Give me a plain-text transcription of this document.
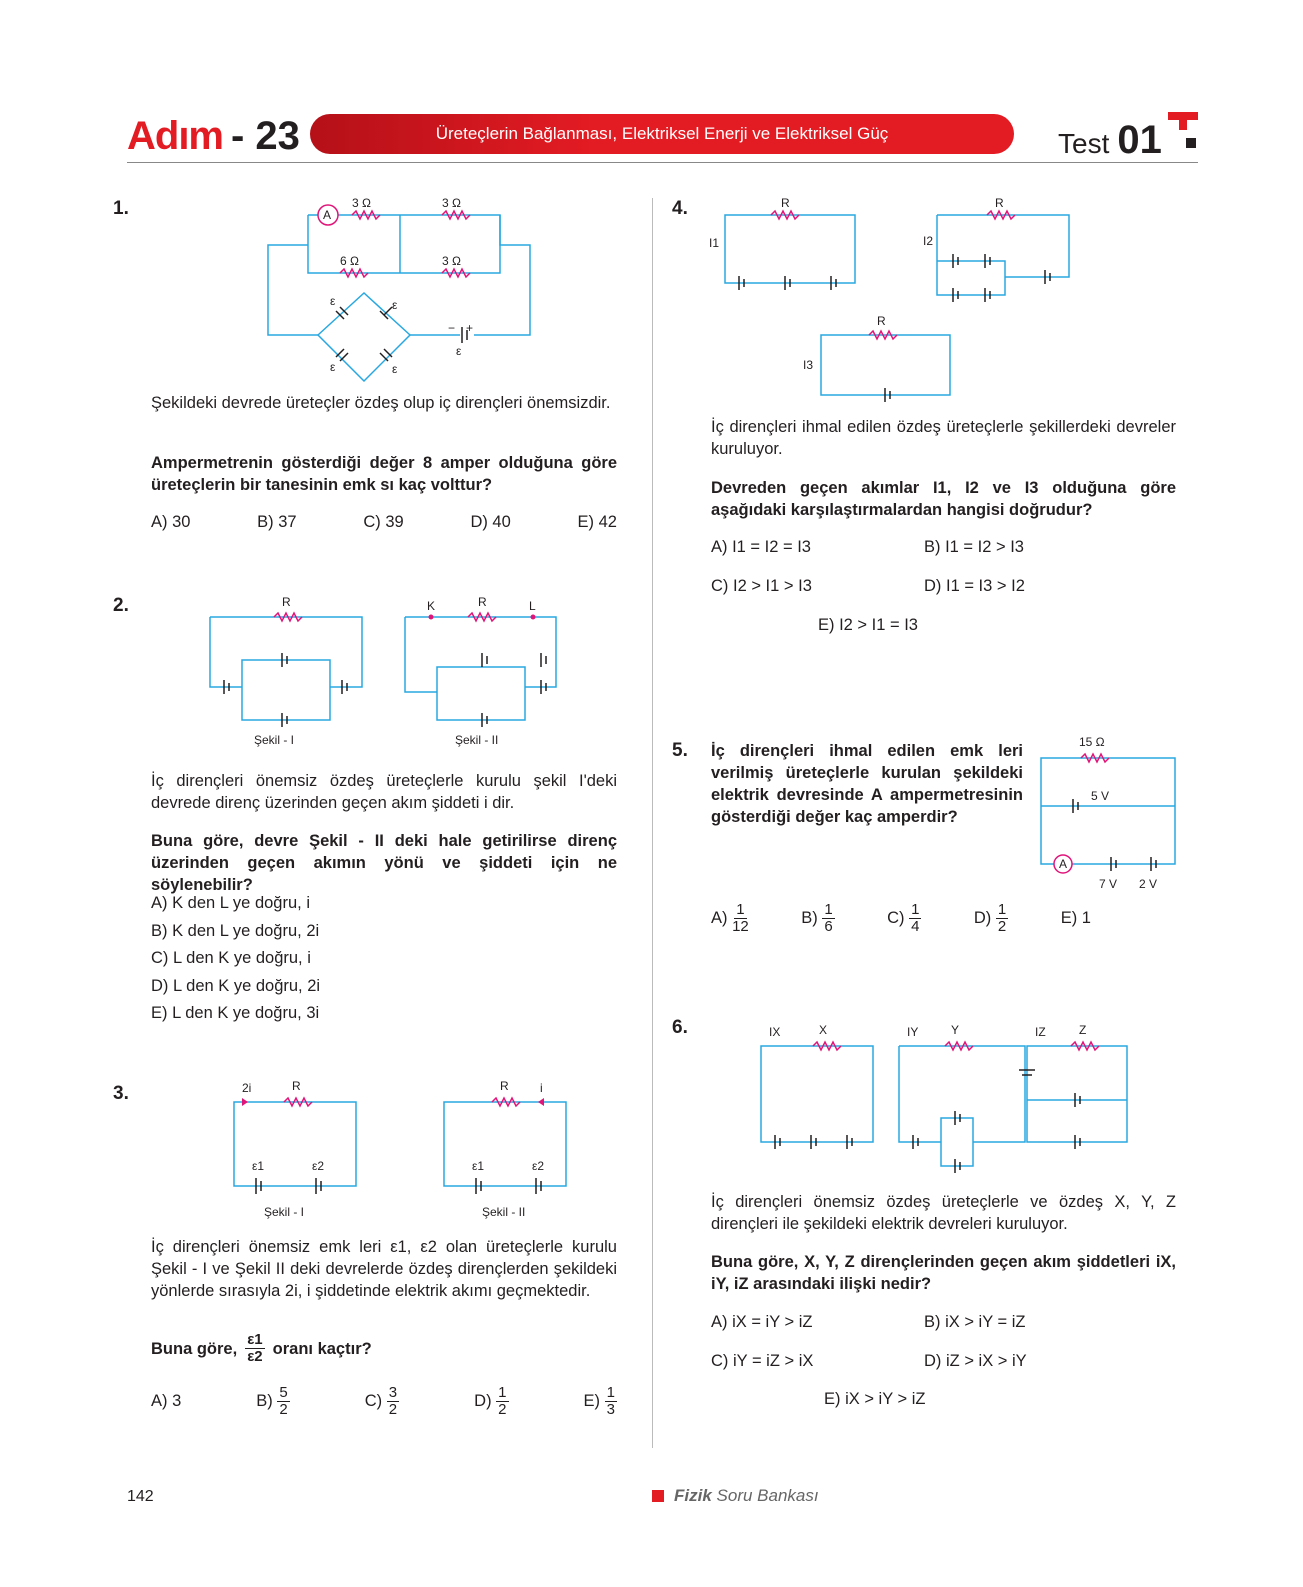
Adım - 23	Üreteçlerin Bağlanması, Elektriksel Enerji ve Elektriksel Güç	Test 01
1.	A
3 Ω	3 Ω
6 Ω	3 Ω
ε	ε
ε	ε
ε
− +
Şekildeki devrede üreteçler özdeş olup iç dirençleri önemsizdir.
Ampermetrenin gösterdiği değer 8 amper olduğuna göre üreteçlerin bir tanesinin emk sı kaç volttur?
A) 30	B) 37	C) 39	D) 40	E) 42
2.	R
Şekil - I
K	R	L
Şekil - II
İç dirençleri önemsiz özdeş üreteçlerle kurulu şekil I'deki devrede direnç üzerinden geçen akım şiddeti i dir.
Buna göre, devre Şekil - II deki hale getirilirse direnç üzerinden geçen akımın yönü ve şiddeti için ne söylenebilir?
A) K den L ye doğru, i
B) K den L ye doğru, 2i
C) L den K ye doğru, i
D) L den K ye doğru, 2i
E) L den K ye doğru, 3i
3.	2i	R
ε1	ε2
Şekil - I
R	i
ε1	ε2
Şekil - II
İç dirençleri önemsiz emk leri ε1, ε2 olan üreteçlerle kurulu Şekil - I ve Şekil II deki devrelerde özdeş dirençlerden şekildeki yönlerde sırasıyla 2i, i şiddetinde elektrik akımı geçmektedir.
Buna göre, $\frac{\varepsilon 1}{\varepsilon 2}$ oranı kaçtır?
A) 3	$B) \frac{5}{2}$	$C) \frac{3}{2}$	$D) \frac{1}{2}$	$E) \frac{1}{3}$
4.	R
I1
R
I2
R
I3
İç dirençleri ihmal edilen özdeş üreteçlerle şekillerdeki devreler kuruluyor.
Devreden geçen akımlar I1, I2 ve I3 olduğuna göre aşağıdaki karşılaştırmalardan hangisi doğrudur?
A) I1 = I2 = I3	B) I1 = I2 > I3
C) I2 > I1 > I3	D) I1 = I3 > I2
E) I2 > I1 = I3
5. İç dirençleri ihmal edilen emk leri verilmiş üreteçlerle kurulan şekildeki elektrik devresinde A ampermetresinin gösterdiği değer kaç amperdir?
15 Ω
5 V
A
7 V 2 V
$A) \frac{1}{12}$	$B) \frac{1}{6}$	$C) \frac{1}{4}$	$D) \frac{1}{2}$	E) 1
6.	IX	X	IY	Y	IZ	Z
İç dirençleri önemsiz özdeş üreteçlerle ve özdeş X, Y, Z dirençleri ile şekildeki elektrik devreleri kuruluyor.
Buna göre, X, Y, Z dirençlerinden geçen akım şiddetleri iX, iY, iZ arasındaki ilişki nedir?
A) iX = iY > iZ	B) iX > iY = iZ
C) iY = iZ > iX	D) iZ > iX > iY
E) iX > iY > iZ
142	Fizik Soru Bankası
